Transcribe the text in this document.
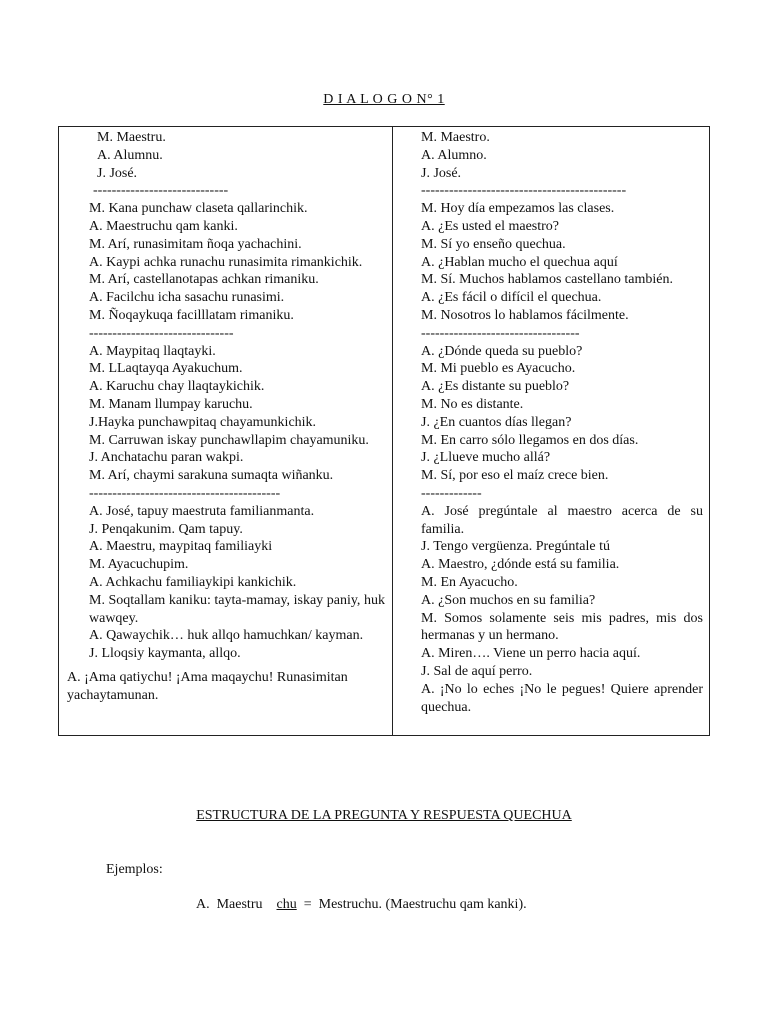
D I A L O G O N° 1
M. Maestru.
A. Alumnu.
J. José.
-----------------------------
M. Kana punchaw claseta qallarinchik.
A. Maestruchu qam kanki.
M. Arí, runasimitam ñoqa yachachini.
A. Kaypi achka runachu runasimita rimankichik.
M. Arí, castellanotapas achkan rimaniku.
A. Facilchu icha sasachu runasimi.
M. Ñoqaykuqa facilllatam rimaniku.
-------------------------------
A. Maypitaq llaqtayki.
M. LLaqtayqa Ayakuchum.
A. Karuchu chay llaqtaykichik.
M. Manam llumpay karuchu.
J.Hayka punchawpitaq chayamunkichik.
M. Carruwan iskay punchawllapim chayamuniku.
J. Anchatachu paran wakpi.
M. Arí, chaymi sarakuna sumaqta wiñanku.
-----------------------------------------
A. José, tapuy maestruta familianmanta.
J. Penqakunim. Qam tapuy.
A. Maestru, maypitaq familiayki
M. Ayacuchupim.
A. Achkachu familiaykipi kankichik.
M. Soqtallam kaniku: tayta-mamay, iskay paniy, huk wawqey.
A. Qawaychik… huk allqo hamuchkan/ kayman.
J. Lloqsiy kaymanta, allqo.
A. ¡Ama qatiychu! ¡Ama maqaychu! Runasimitan yachaytamunan.
M. Maestro.
A. Alumno.
J. José.
--------------------------------------------
M. Hoy día empezamos las clases.
A. ¿Es usted el maestro?
M. Sí yo enseño quechua.
A. ¿Hablan mucho el quechua aquí
M. Sí. Muchos hablamos castellano también.
A. ¿Es fácil o difícil el quechua.
M. Nosotros lo hablamos fácilmente.
----------------------------------
A. ¿Dónde queda su pueblo?
M. Mi pueblo es Ayacucho.
A. ¿Es distante su pueblo?
M. No es distante.
J. ¿En cuantos días llegan?
M. En carro sólo llegamos en dos días.
J. ¿Llueve mucho allá?
M. Sí, por eso el maíz crece bien.
-------------
A. José pregúntale al maestro acerca de su familia.
J. Tengo vergüenza. Pregúntale tú
A. Maestro, ¿dónde está su familia.
M. En Ayacucho.
A. ¿Son muchos en su familia?
M. Somos solamente seis mis padres, mis dos hermanas y un hermano.
A. Miren…. Viene un perro hacia aquí.
J. Sal de aquí perro.
A. ¡No lo eches ¡No le pegues! Quiere aprender quechua.
ESTRUCTURA DE LA PREGUNTA Y RESPUESTA QUECHUA
Ejemplos:
A.  Maestru    chu  =  Mestruchu. (Maestruchu qam kanki).
